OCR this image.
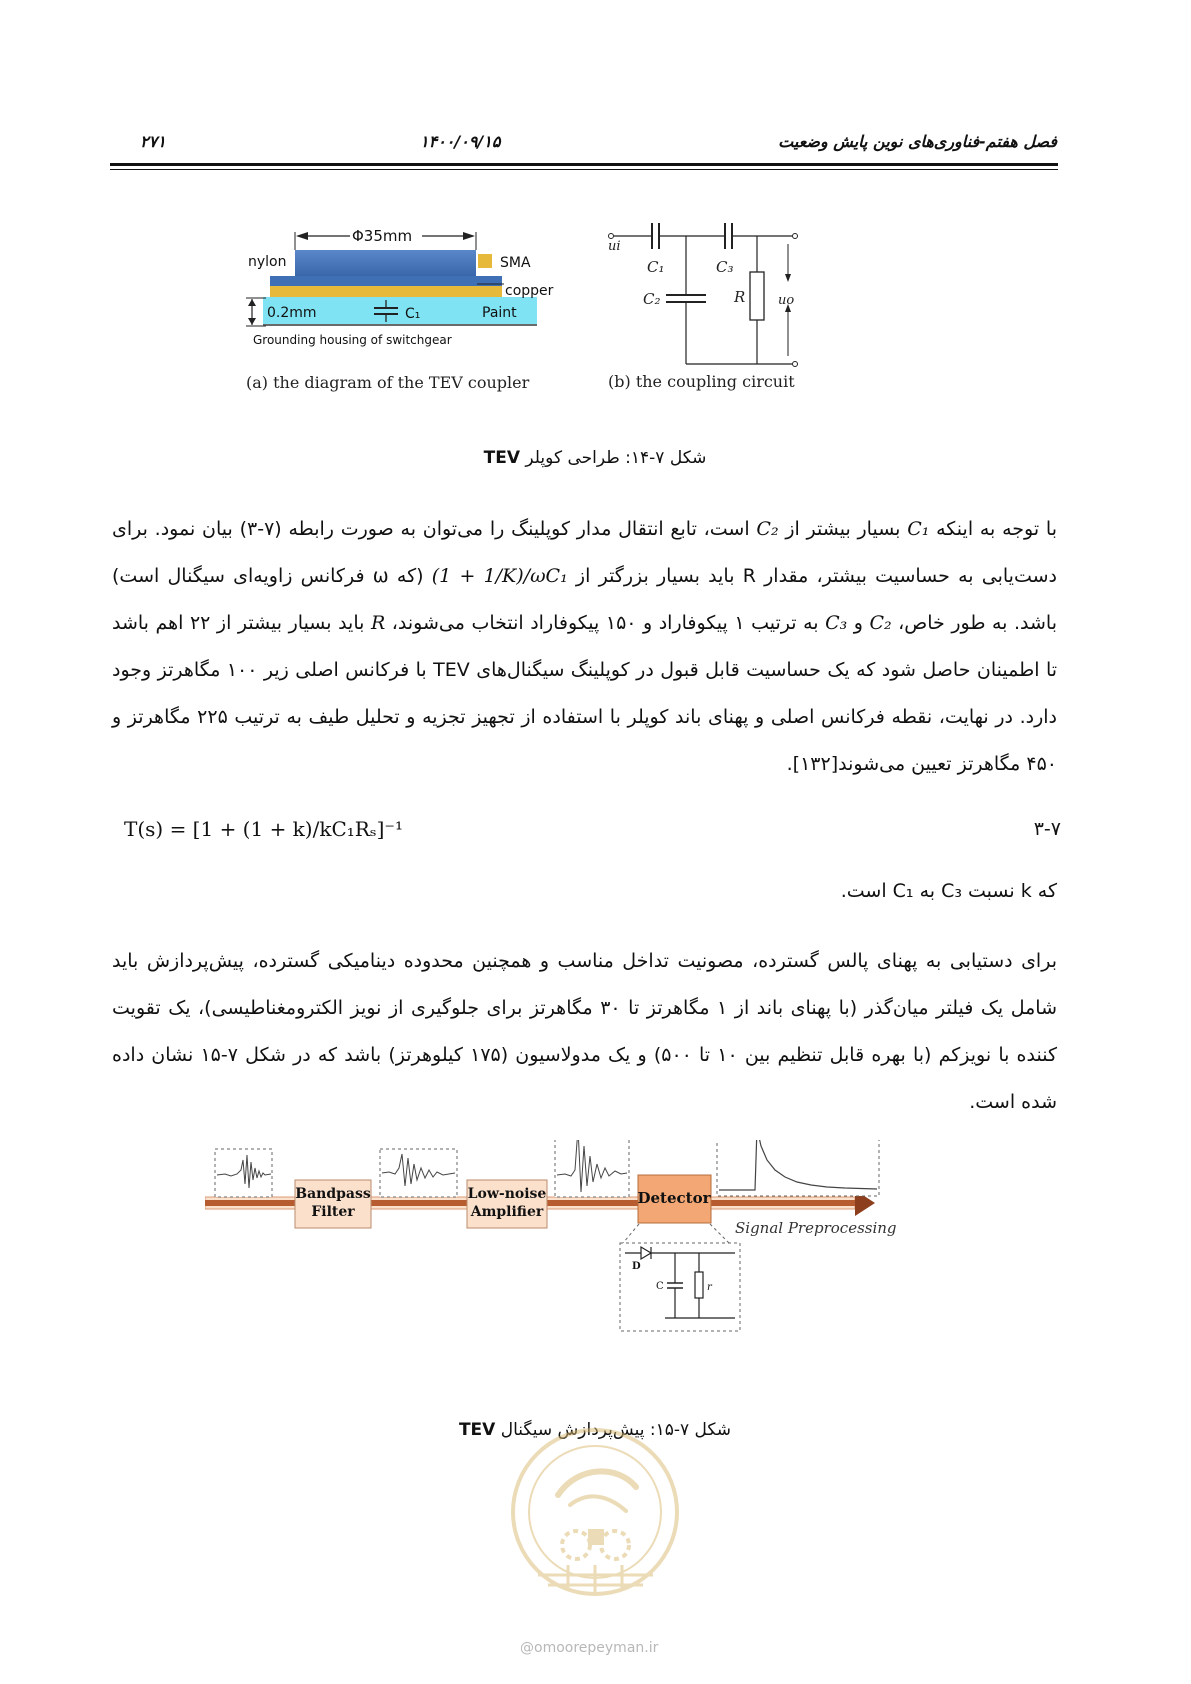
فصل هفتم-فناوری‌های نوین پایش وضعیت
۱۴۰۰/۰۹/۱۵
۲۷۱
Φ35mm
nylon	SMA
copper
0.2mm	C₁	Paint
Grounding housing of switchgear
(a) the diagram of the TEV coupler
ui
C₁	C₃
C₂	R	uo
(b) the coupling circuit
شکل ۷-۱۴: طراحی کوپلر TEV
با توجه به اینکه C₁ بسیار بیشتر از C₂ است، تابع انتقال مدار کوپلینگ را می‌توان به صورت رابطه (۷-۳) بیان نمود. برای دست‌یابی به حساسیت بیشتر، مقدار R باید بسیار بزرگتر از (1 + 1/K)/ωC₁ (که ω فرکانس زاویه‌ای سیگنال است) باشد. به طور خاص، C₂ و C₃ به ترتیب ۱ پیکوفاراد و ۱۵۰ پیکوفاراد انتخاب می‌شوند، R باید بسیار بیشتر از ۲۲ اهم باشد تا اطمینان حاصل شود که یک حساسیت قابل قبول در کوپلینگ سیگنال‌های TEV با فرکانس اصلی زیر ۱۰۰ مگاهرتز وجود دارد. در نهایت، نقطه فرکانس اصلی و پهنای باند کوپلر با استفاده از تجهیز تجزیه و تحلیل طیف به ترتیب ۲۲۵ مگاهرتز و ۴۵۰ مگاهرتز تعیین می‌شوند[۱۳۲].
T(s) = [1 + (1 + k)/kC₁Rₛ]⁻¹	۳-۷
که k نسبت C₃ به C₁ است.
برای دستیابی به پهنای پالس گسترده، مصونیت تداخل مناسب و همچنین محدوده دینامیکی گسترده، پیش‌پردازش باید شامل یک فیلتر میان‌گذر (با پهنای باند از ۱ مگاهرتز تا ۳۰ مگاهرتز برای جلوگیری از نویز الکترومغناطیسی)، یک تقویت کننده با نویزکم (با بهره قابل تنظیم بین ۱۰ تا ۵۰۰) و یک مدولاسیون (۱۷۵ کیلوهرتز) باشد که در شکل ۷-۱۵ نشان داده شده است.
Bandpass
Filter
Low-noise
Amplifier
Detector
Signal Preprocessing
D
C	r
شکل ۷-۱۵: پیش‌پردازش سیگنال TEV
@omoorepeyman.ir
